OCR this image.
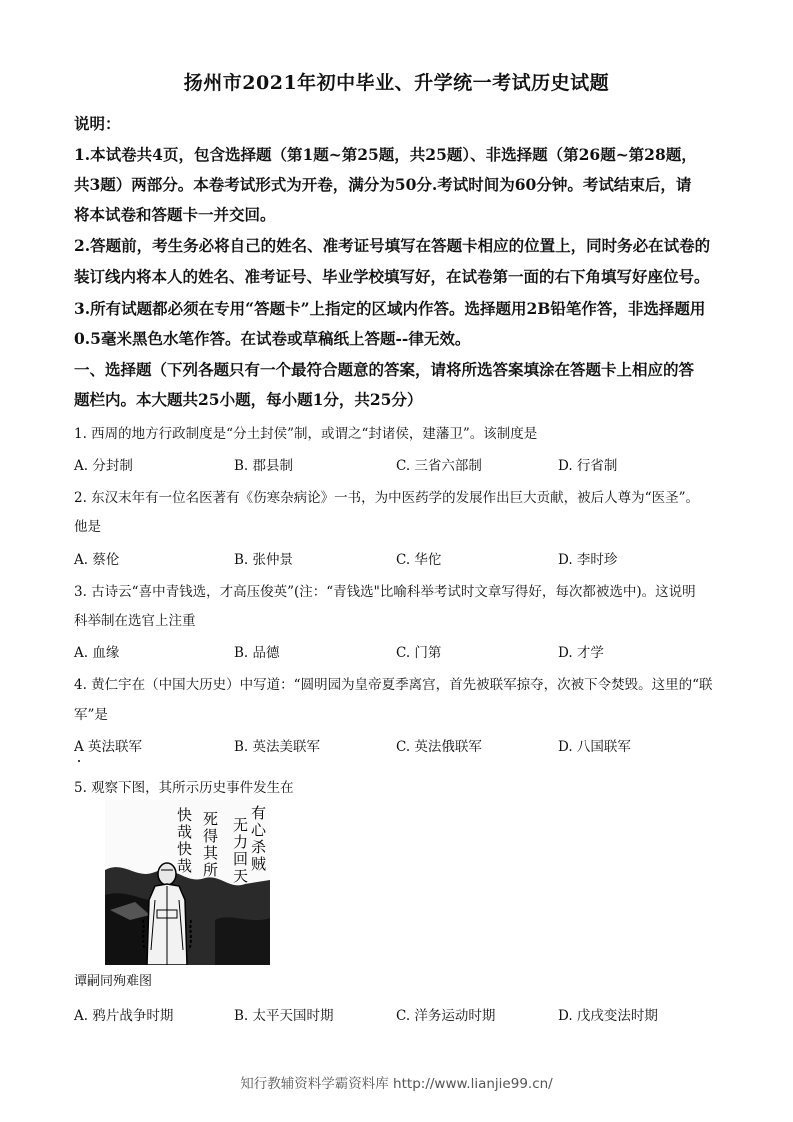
扬州市2021年初中毕业、升学统一考试历史试题
说明：
1.本试卷共4页，包含选择题（第1题~第25题，共25题）、非选择题（第26题~第28题，
共3题）两部分。本卷考试形式为开卷，满分为50分.考试时间为60分钟。考试结束后，请
将本试卷和答题卡一并交回。
2.答题前，考生务必将自己的姓名、准考证号填写在答题卡相应的位置上，同时务必在试卷的
装订线内将本人的姓名、准考证号、毕业学校填写好，在试卷第一面的右下角填写好座位号。
3.所有试题都必须在专用“答题卡”上指定的区域内作答。选择题用2B铅笔作答，非选择题用
0.5毫米黑色水笔作答。在试卷或草稿纸上答题--律无效。
一、选择题（下列各题只有一个最符合题意的答案，请将所选答案填涂在答题卡上相应的答
题栏内。本大题共25小题，每小题1分，共25分）
1. 西周的地方行政制度是“分土封侯”制，或谓之“封诸侯，建藩卫”。该制度是
A. 分封制	B. 郡县制	C. 三省六部制	D. 行省制
2. 东汉末年有一位名医著有《伤寒杂病论》一书，为中医药学的发展作出巨大贡献，被后人尊为“医圣”。
他是
A. 蔡伦	B. 张仲景	C. 华佗	D. 李时珍
3. 古诗云“喜中青钱选，才高压俊英”(注：“青钱选"比喻科举考试时文章写得好，每次都被选中)。这说明
科举制在选官上注重
A. 血缘	B. 品德	C. 门第	D. 才学
4. 黄仁宇在（中国大历史）中写道：“圆明园为皇帝夏季离宫，首先被联军掠夺，次被下令焚毁。这里的“联
军”是
A 英法联军	B. 英法美联军	C. 英法俄联军	D. 八国联军
5. 观察下图，其所示历史事件发生在
有心杀贼
无力回天
死得其所
快哉快哉
谭嗣同殉难图
A. 鸦片战争时期	B. 太平天国时期	C. 洋务运动时期	D. 戊戌变法时期
知行教辅资料学霸资料库 http://www.lianjie99.cn/
